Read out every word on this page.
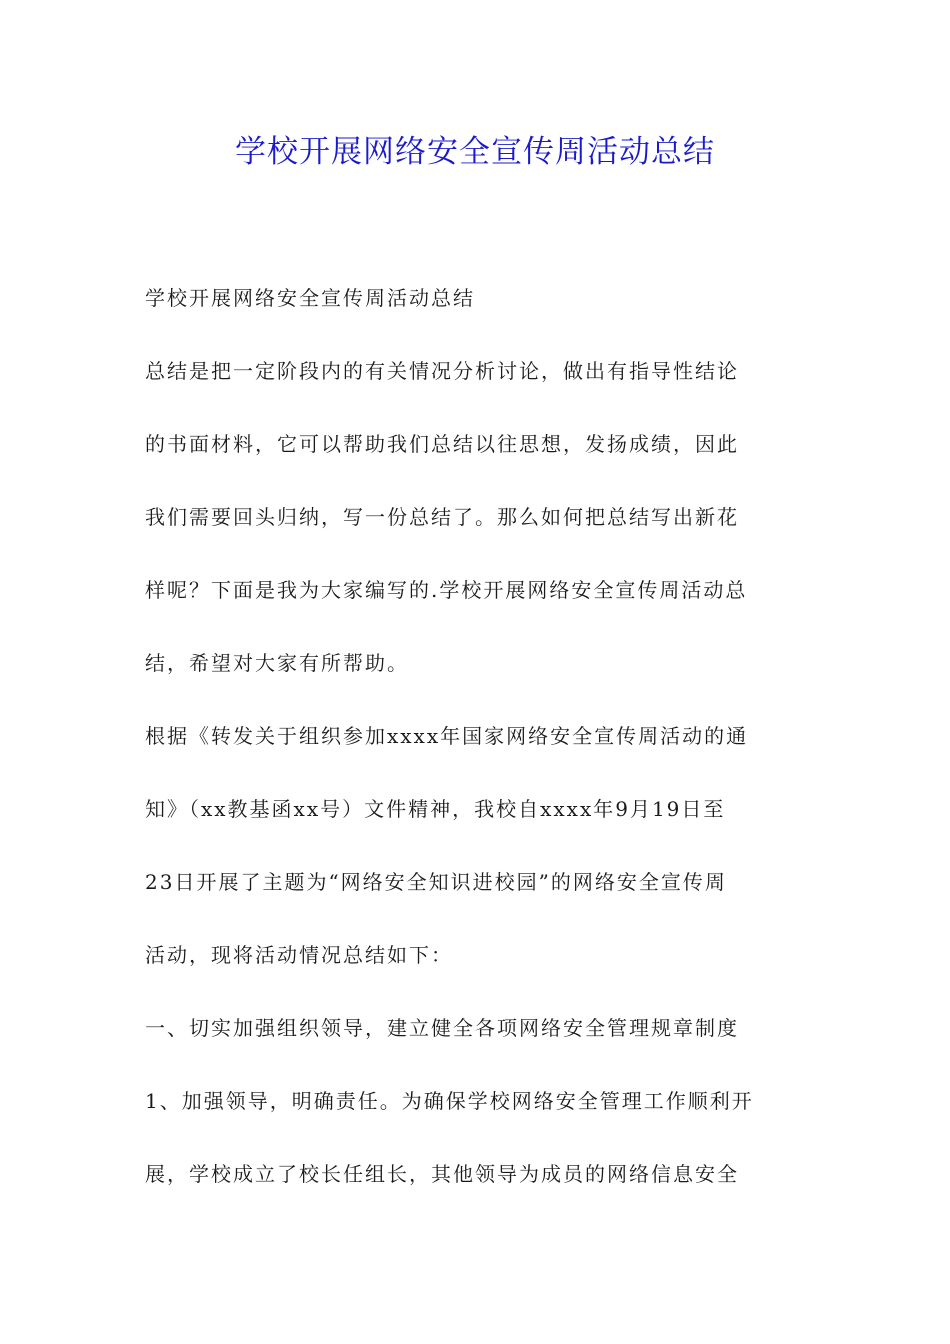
学校开展网络安全宣传周活动总结

学校开展网络安全宣传周活动总结

总结是把一定阶段内的有关情况分析讨论，做出有指导性结论

的书面材料，它可以帮助我们总结以往思想，发扬成绩，因此

我们需要回头归纳，写一份总结了。那么如何把总结写出新花

样呢？下面是我为大家编写的.学校开展网络安全宣传周活动总

结，希望对大家有所帮助。

根据《转发关于组织参加xxxx年国家网络安全宣传周活动的通

知》（xx教基函xx号）文件精神，我校自xxxx年9月19日至

23日开展了主题为“网络安全知识进校园”的网络安全宣传周

活动，现将活动情况总结如下：

一、切实加强组织领导，建立健全各项网络安全管理规章制度

1、加强领导，明确责任。为确保学校网络安全管理工作顺利开

展，学校成立了校长任组长，其他领导为成员的网络信息安全
